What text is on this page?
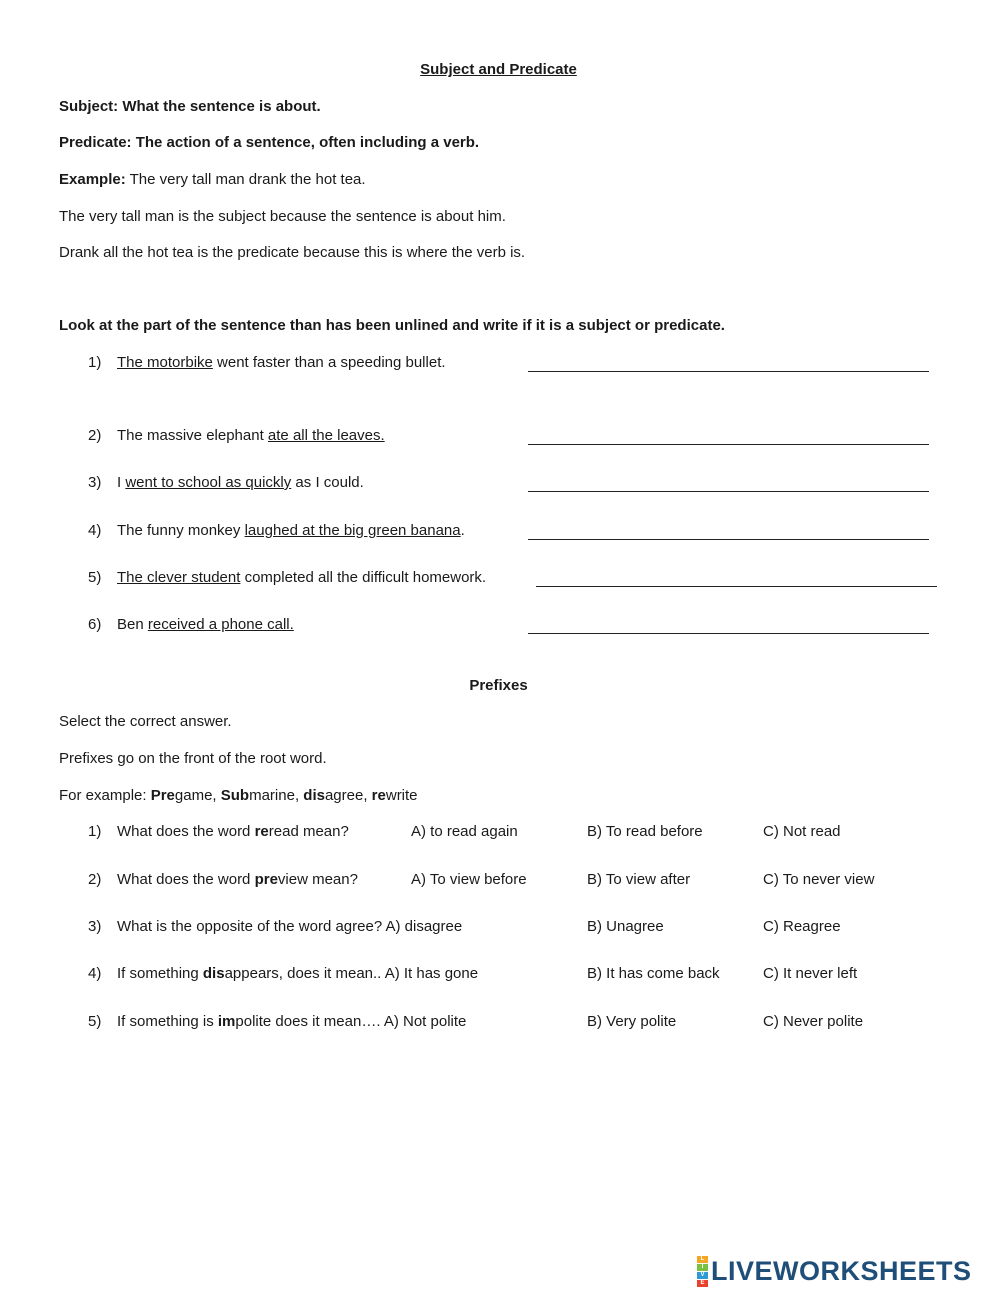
Subject and Predicate
Subject: What the sentence is about.
Predicate: The action of a sentence, often including a verb.
Example: The very tall man drank the hot tea.
The very tall man is the subject because the sentence is about him.
Drank all the hot tea is the predicate because this is where the verb is.
Look at the part of the sentence than has been unlined and write if it is a subject or predicate.
1) The motorbike went faster than a speeding bullet.
2) The massive elephant ate all the leaves.
3) I went to school as quickly as I could.
4) The funny monkey laughed at the big green banana.
5) The clever student completed all the difficult homework.
6) Ben received a phone call.
Prefixes
Select the correct answer.
Prefixes go on the front of the root word.
For example: Pregame, Submarine, disagree, rewrite
1) What does the word reread mean?	A) to read again	B) To read before	C) Not read
2) What does the word preview mean?	A) To view before	B) To view after	C) To never view
3) What is the opposite of the word agree? A) disagree	B) Unagree	C) Reagree
4) If something disappears, does it mean.. A) It has gone	B) It has come back	C) It never left
5) If something is impolite does it mean…. A) Not polite	B) Very polite	C) Never polite
L
I
V
E LIVEWORKSHEETS
